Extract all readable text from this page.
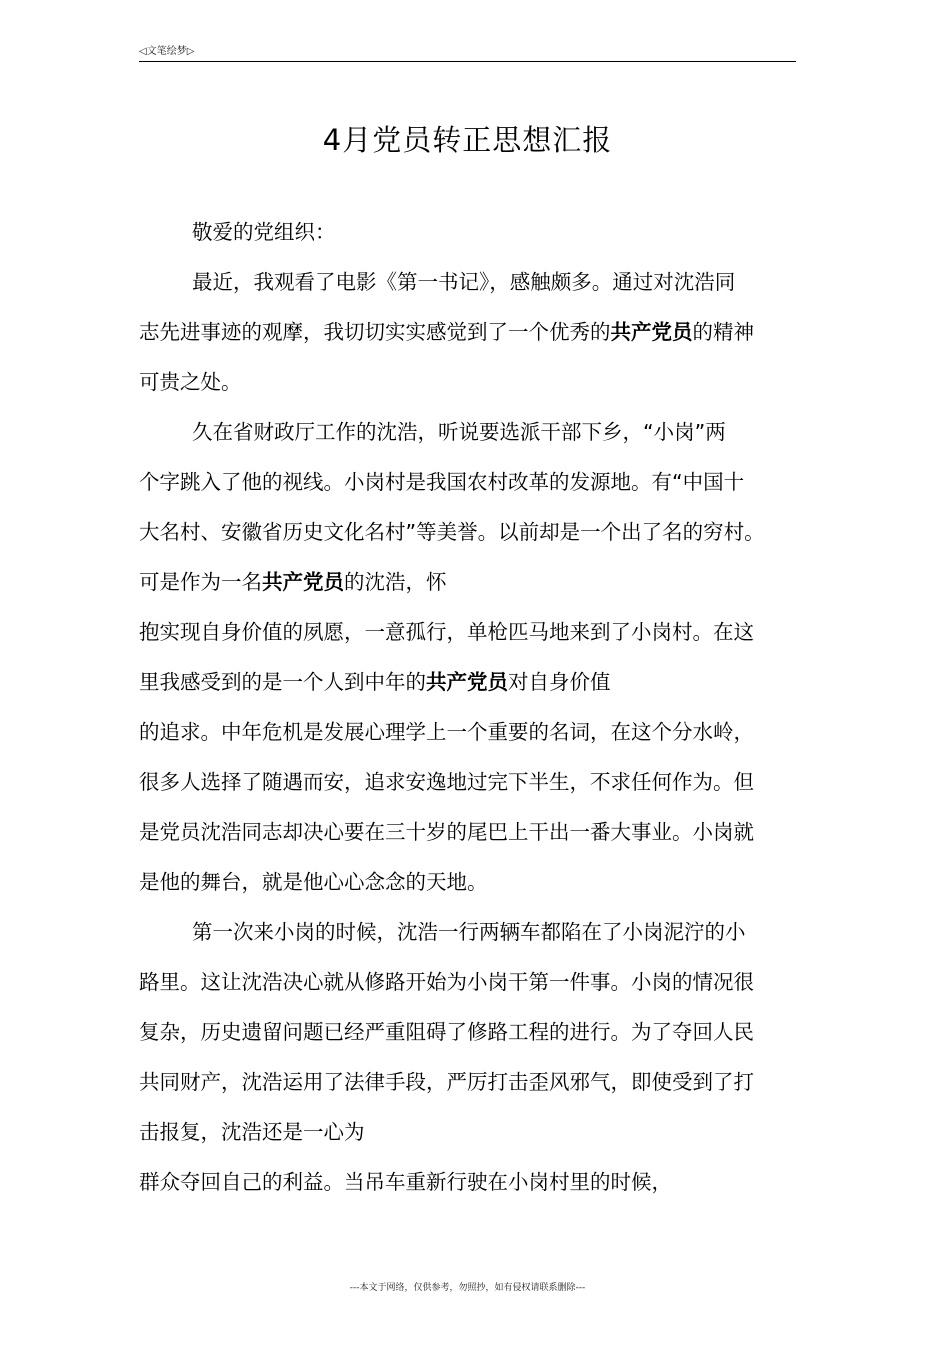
◁文笔绘梦▷
4月党员转正思想汇报
敬爱的党组织：
最近，我观看了电影《第一书记》，感触颇多。通过对沈浩同
志先进事迹的观摩，我切切实实感觉到了一个优秀的共产党员的精神
可贵之处。
久在省财政厅工作的沈浩，听说要选派干部下乡，“小岗”两
个字跳入了他的视线。小岗村是我国农村改革的发源地。有“中国十
大名村、安徽省历史文化名村”等美誉。以前却是一个出了名的穷村。
可是作为一名共产党员的沈浩，怀
抱实现自身价值的夙愿，一意孤行，单枪匹马地来到了小岗村。在这
里我感受到的是一个人到中年的共产党员对自身价值
的追求。中年危机是发展心理学上一个重要的名词，在这个分水岭，
很多人选择了随遇而安，追求安逸地过完下半生，不求任何作为。但
是党员沈浩同志却决心要在三十岁的尾巴上干出一番大事业。小岗就
是他的舞台，就是他心心念念的天地。
第一次来小岗的时候，沈浩一行两辆车都陷在了小岗泥泞的小
路里。这让沈浩决心就从修路开始为小岗干第一件事。小岗的情况很
复杂，历史遗留问题已经严重阻碍了修路工程的进行。为了夺回人民
共同财产，沈浩运用了法律手段，严厉打击歪风邪气，即使受到了打
击报复，沈浩还是一心为
群众夺回自己的利益。当吊车重新行驶在小岗村里的时候，
---本文于网络，仅供参考，勿照抄，如有侵权请联系删除---
